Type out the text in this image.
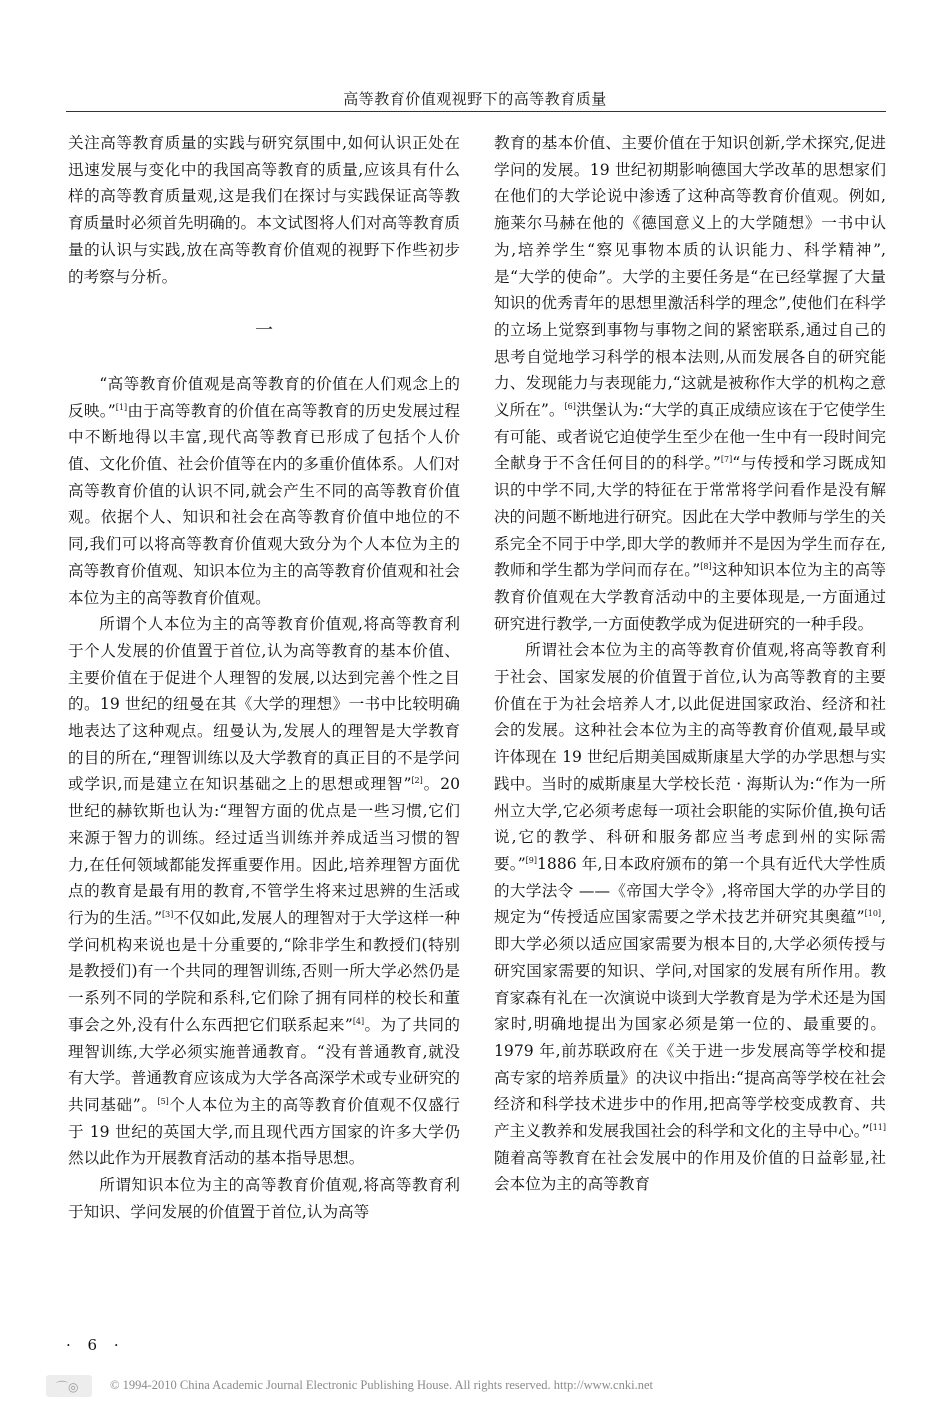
高等教育价值观视野下的高等教育质量

关注高等教育质量的实践与研究氛围中,如何认识正处在迅速发展与变化中的我国高等教育的质量,应该具有什么样的高等教育质量观,这是我们在探讨与实践保证高等教育质量时必须首先明确的。本文试图将人们对高等教育质量的认识与实践,放在高等教育价值观的视野下作些初步的考察与分析。

一

“高等教育价值观是高等教育的价值在人们观念上的反映。”[1]由于高等教育的价值在高等教育的历史发展过程中不断地得以丰富,现代高等教育已形成了包括个人价值、文化价值、社会价值等在内的多重价值体系。人们对高等教育价值的认识不同,就会产生不同的高等教育价值观。依据个人、知识和社会在高等教育价值中地位的不同,我们可以将高等教育价值观大致分为个人本位为主的高等教育价值观、知识本位为主的高等教育价值观和社会本位为主的高等教育价值观。

所谓个人本位为主的高等教育价值观,将高等教育利于个人发展的价值置于首位,认为高等教育的基本价值、主要价值在于促进个人理智的发展,以达到完善个性之目的。19 世纪的纽曼在其《大学的理想》一书中比较明确地表达了这种观点。纽曼认为,发展人的理智是大学教育的目的所在,“理智训练以及大学教育的真正目的不是学问或学识,而是建立在知识基础之上的思想或理智”[2]。20 世纪的赫钦斯也认为:“理智方面的优点是一些习惯,它们来源于智力的训练。经过适当训练并养成适当习惯的智力,在任何领域都能发挥重要作用。因此,培养理智方面优点的教育是最有用的教育,不管学生将来过思辨的生活或行为的生活。”[3]不仅如此,发展人的理智对于大学这样一种学问机构来说也是十分重要的,“除非学生和教授们(特别是教授们)有一个共同的理智训练,否则一所大学必然仍是一系列不同的学院和系科,它们除了拥有同样的校长和董事会之外,没有什么东西把它们联系起来”[4]。为了共同的理智训练,大学必须实施普通教育。“没有普通教育,就没有大学。普通教育应该成为大学各高深学术或专业研究的共同基础”。[5]个人本位为主的高等教育价值观不仅盛行于 19 世纪的英国大学,而且现代西方国家的许多大学仍然以此作为开展教育活动的基本指导思想。

所谓知识本位为主的高等教育价值观,将高等教育利于知识、学问发展的价值置于首位,认为高等

教育的基本价值、主要价值在于知识创新,学术探究,促进学问的发展。19 世纪初期影响德国大学改革的思想家们在他们的大学论说中渗透了这种高等教育价值观。例如,施莱尔马赫在他的《德国意义上的大学随想》一书中认为,培养学生“察见事物本质的认识能力、科学精神”,是“大学的使命”。大学的主要任务是“在已经掌握了大量知识的优秀青年的思想里激活科学的理念”,使他们在科学的立场上觉察到事物与事物之间的紧密联系,通过自己的思考自觉地学习科学的根本法则,从而发展各自的研究能力、发现能力与表现能力,“这就是被称作大学的机构之意义所在”。[6]洪堡认为:“大学的真正成绩应该在于它使学生有可能、或者说它迫使学生至少在他一生中有一段时间完全献身于不含任何目的的科学。”[7]“与传授和学习既成知识的中学不同,大学的特征在于常常将学问看作是没有解决的问题不断地进行研究。因此在大学中教师与学生的关系完全不同于中学,即大学的教师并不是因为学生而存在,教师和学生都为学问而存在。”[8]这种知识本位为主的高等教育价值观在大学教育活动中的主要体现是,一方面通过研究进行教学,一方面使教学成为促进研究的一种手段。

所谓社会本位为主的高等教育价值观,将高等教育利于社会、国家发展的价值置于首位,认为高等教育的主要价值在于为社会培养人才,以此促进国家政治、经济和社会的发展。这种社会本位为主的高等教育价值观,最早或许体现在 19 世纪后期美国威斯康星大学的办学思想与实践中。当时的威斯康星大学校长范 · 海斯认为:“作为一所州立大学,它必须考虑每一项社会职能的实际价值,换句话说,它的教学、科研和服务都应当考虑到州的实际需要。”[9]1886 年,日本政府颁布的第一个具有近代大学性质的大学法令 ——《帝国大学令》,将帝国大学的办学目的规定为“传授适应国家需要之学术技艺并研究其奥蕴”[10],即大学必须以适应国家需要为根本目的,大学必须传授与研究国家需要的知识、学问,对国家的发展有所作用。教育家森有礼在一次演说中谈到大学教育是为学术还是为国家时,明确地提出为国家必须是第一位的、最重要的。1979 年,前苏联政府在《关于进一步发展高等学校和提高专家的培养质量》的决议中指出:“提高高等学校在社会经济和科学技术进步中的作用,把高等学校变成教育、共产主义教养和发展我国社会的科学和文化的主导中心。”[11]随着高等教育在社会发展中的作用及价值的日益彰显,社会本位为主的高等教育

· 6 ·
⌒◎	© 1994-2010 China Academic Journal Electronic Publishing House. All rights reserved. http://www.cnki.net
